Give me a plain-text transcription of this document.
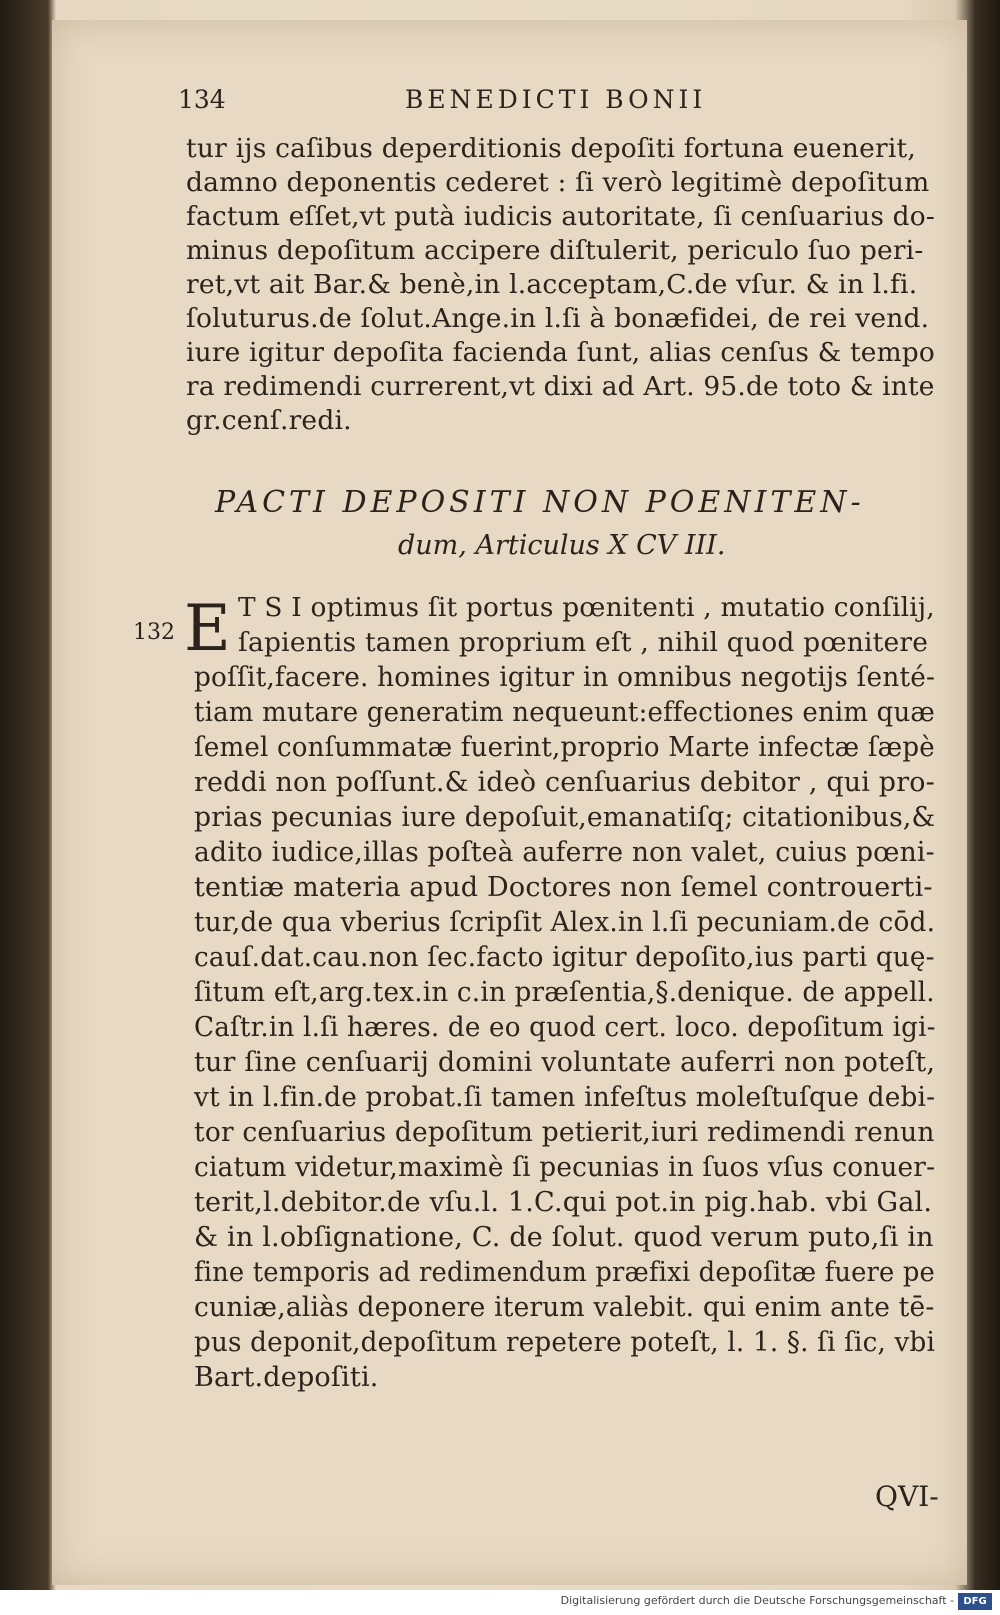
134	BENEDICTI BONII
tur ijs caſibus deperditionis depoſiti fortuna euenerit,
damno deponentis cederet : ſi verò legitimè depoſitum
factum eſſet,vt putà iudicis autoritate, ſi cenſuarius do-
minus depoſitum accipere diſtulerit, periculo ſuo peri-
ret,vt ait Bar.& benè,in l.acceptam,C.de vſur. & in l.fi.
ſoluturus.de ſolut.Ange.in l.ſi à bonæfidei, de rei vend.
iure igitur depoſita facienda ſunt, alias cenſus & tempo
ra redimendi currerent,vt dixi ad Art. 95.de toto & inte
gr.cenſ.redi.
PACTI DEPOSITI NON POENITEN-
dum, Articulus X CV III.
132 E T S I optimus ſit portus pœnitenti , mutatio conſilij,
ſapientis tamen proprium eſt , nihil quod pœnitere
poſſit,facere. homines igitur in omnibus negotijs ſenté-
tiam mutare generatim nequeunt:effectiones enim quæ
ſemel conſummatæ fuerint,proprio Marte infectæ ſæpè
reddi non poſſunt.& ideò cenſuarius debitor , qui pro-
prias pecunias iure depoſuit,emanatiſq; citationibus,&
adito iudice,illas poſteà auferre non valet, cuius pœni-
tentiæ materia apud Doctores non ſemel controuerti-
tur,de qua vberius ſcripſit Alex.in l.ſi pecuniam.de cōd.
cauſ.dat.cau.non ſec.facto igitur depoſito,ius parti quę-
ſitum eſt,arg.tex.in c.in præſentia,§.denique. de appell.
Caſtr.in l.ſi hæres. de eo quod cert. loco. depoſitum igi-
tur ſine cenſuarij domini voluntate auferri non poteſt,
vt in l.fin.de probat.ſi tamen infeſtus moleſtuſque debi-
tor cenſuarius depoſitum petierit,iuri redimendi renun
ciatum videtur,maximè ſi pecunias in ſuos vſus conuer-
terit,l.debitor.de vſu.l. 1.C.qui pot.in pig.hab. vbi Gal.
& in l.obſignatione, C. de ſolut. quod verum puto,ſi in
fine temporis ad redimendum præfixi depoſitæ fuere pe
cuniæ,aliàs deponere iterum valebit. qui enim ante tē-
pus deponit,depoſitum repetere poteſt, l. 1. §. ſi ſic, vbi
Bart.depoſiti.
QVI-
Digitalisierung gefördert durch die Deutsche Forschungsgemeinschaft - DFG
